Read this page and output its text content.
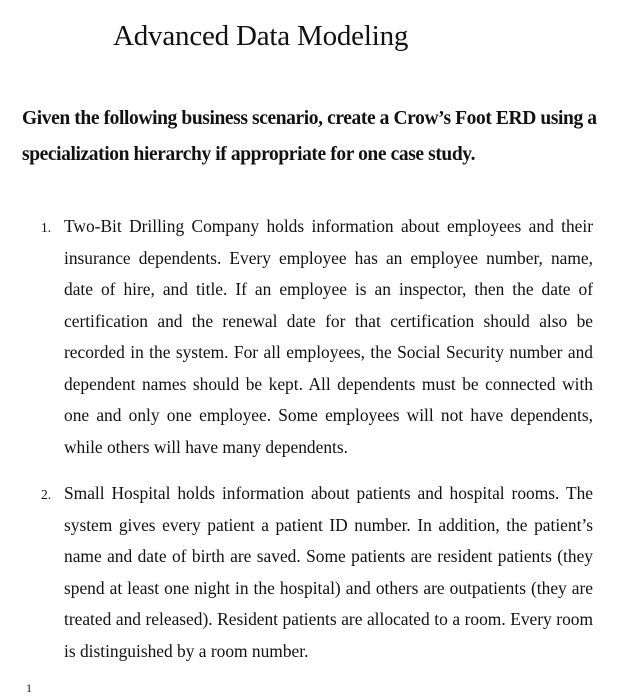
Advanced Data Modeling

Given the following business scenario, create a Crow’s Foot ERD using a specialization hierarchy if appropriate for one case study.

1. Two-Bit Drilling Company holds information about employees and their insurance dependents. Every employee has an employee number, name, date of hire, and title. If an employee is an inspector, then the date of certification and the renewal date for that certification should also be recorded in the system. For all employees, the Social Security number and dependent names should be kept. All dependents must be connected with one and only one employee. Some employees will not have dependents, while others will have many dependents.
2. Small Hospital holds information about patients and hospital rooms. The system gives every patient a patient ID number. In addition, the patient’s name and date of birth are saved. Some patients are resident patients (they spend at least one night in the hospital) and others are outpatients (they are treated and released). Resident patients are allocated to a room. Every room is distinguished by a room number.
1
